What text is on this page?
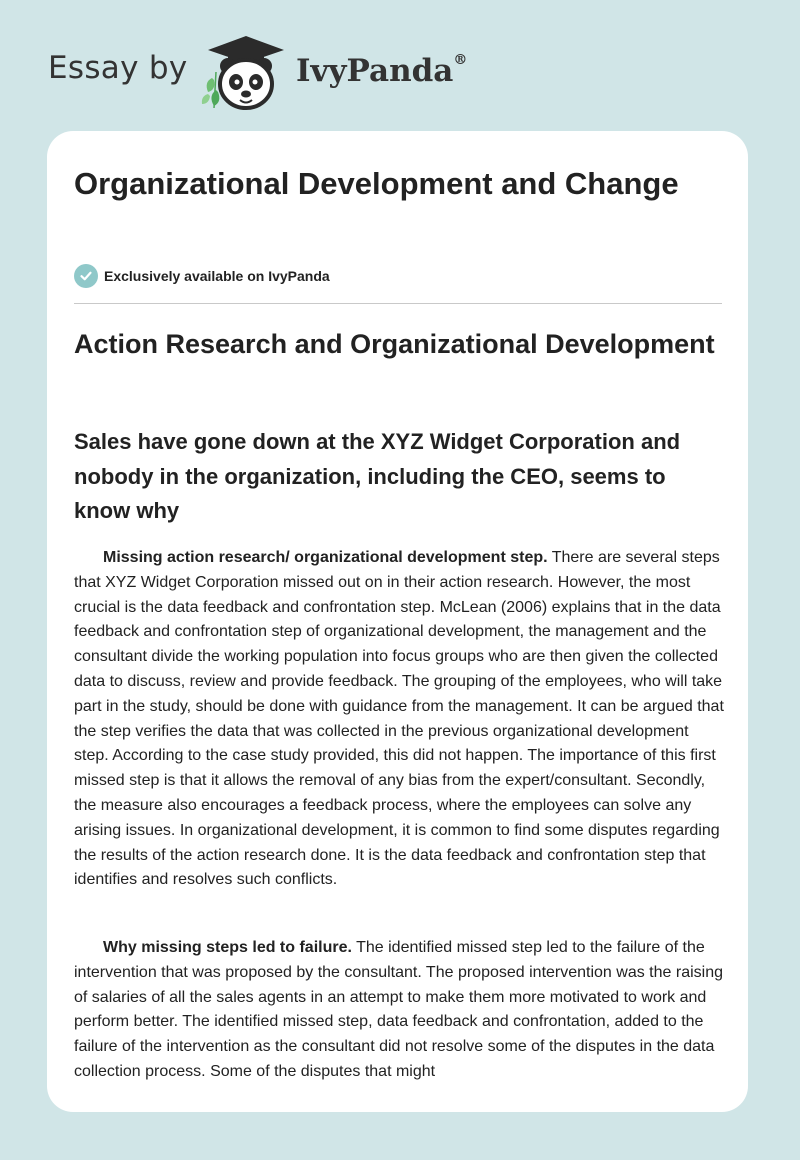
Essay by	IvyPanda®
Organizational Development and Change
Exclusively available on IvyPanda
Action Research and Organizational Development
Sales have gone down at the XYZ Widget Corporation and nobody in the organization, including the CEO, seems to know why

Missing action research/ organizational development step. There are several steps that XYZ Widget Corporation missed out on in their action research. However, the most crucial is the data feedback and confrontation step. McLean (2006) explains that in the data feedback and confrontation step of organizational development, the management and the consultant divide the working population into focus groups who are then given the collected data to discuss, review and provide feedback. The grouping of the employees, who will take part in the study, should be done with guidance from the management. It can be argued that the step verifies the data that was collected in the previous organizational development step. According to the case study provided, this did not happen. The importance of this first missed step is that it allows the removal of any bias from the expert/consultant. Secondly, the measure also encourages a feedback process, where the employees can solve any arising issues. In organizational development, it is common to find some disputes regarding the results of the action research done. It is the data feedback and confrontation step that identifies and resolves such conflicts.

Why missing steps led to failure. The identified missed step led to the failure of the intervention that was proposed by the consultant. The proposed intervention was the raising of salaries of all the sales agents in an attempt to make them more motivated to work and perform better. The identified missed step, data feedback and confrontation, added to the failure of the intervention as the consultant did not resolve some of the disputes in the data collection process. Some of the disputes that might
